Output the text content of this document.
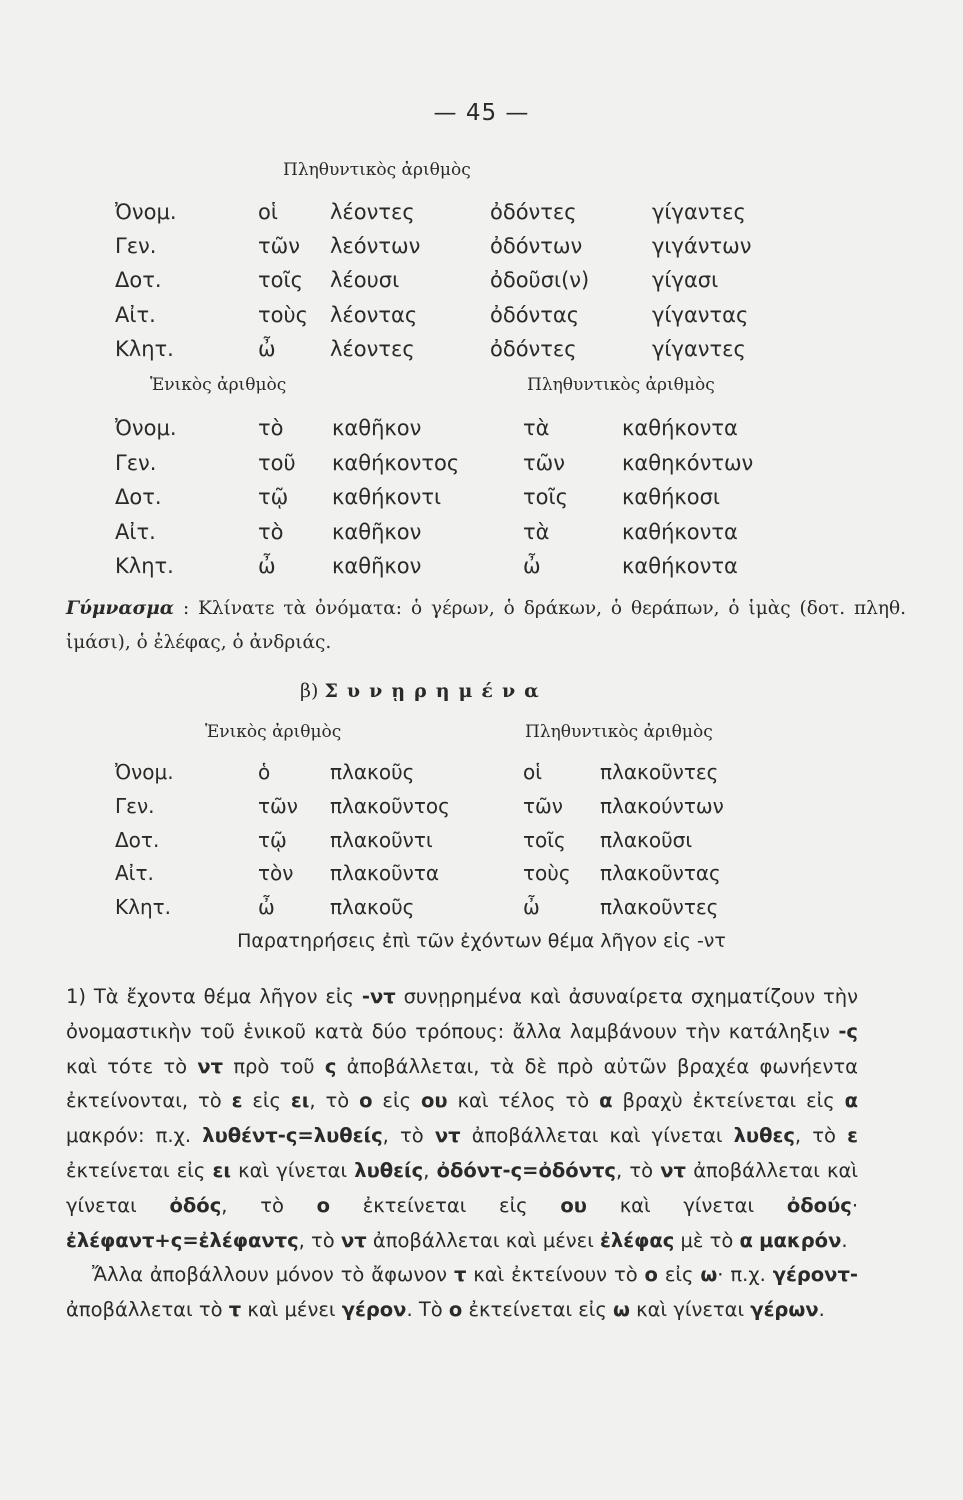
— 45 —
Πληθυντικὸς ἀριθμὸς
Ὀνομ.	οἱ λέοντες	ὀδόντες	γίγαντες
Γεν.	τῶν λεόντων	ὀδόντων	γιγάντων
Δοτ.	τοῖς λέουσι	ὀδοῦσι(ν)	γίγασι
Αἰτ.	τοὺς λέοντας	ὀδόντας	γίγαντας
Κλητ.	ὦ	λέοντες	ὀδόντες	γίγαντες
Ἑνικὸς ἀριθμὸς	Πληθυντικὸς ἀριθμὸς
Ὀνομ.	τὸ καθῆκον	τὰ	καθήκοντα
Γεν.	τοῦ καθήκοντος	τῶν	καθηκόντων
Δοτ.	τῷ καθήκοντι	τοῖς	καθήκοσι
Αἰτ.	τὸ καθῆκον	τὰ	καθήκοντα
Κλητ.	ὦ	καθῆκον	ὦ	καθήκοντα
Γύμνασμα : Κλίνατε τὰ ὀνόματα: ὁ γέρων, ὁ δράκων, ὁ θεράπων, ὁ ἱμὰς (δοτ. πληθ. ἱμάσι), ὁ ἐλέφας, ὁ ἀνδριάς.
β) Συνῃρημένα
Ἑνικὸς ἀριθμὸς	Πληθυντικὸς ἀριθμὸς
Ὀνομ.	ὁ	πλακοῦς	οἱ	πλακοῦντες
Γεν.	τῶν πλακοῦντος	τῶν πλακούντων
Δοτ.	τῷ πλακοῦντι	τοῖς πλακοῦσι
Αἰτ.	τὸν πλακοῦντα	τοὺς πλακοῦντας
Κλητ.	ὦ	πλακοῦς	ὦ	πλακοῦντες
Παρατηρήσεις ἐπὶ τῶν ἐχόντων θέμα λῆγον εἰς -ντ

1) Τὰ ἔχοντα θέμα λῆγον εἰς -ντ συνῃρημένα καὶ ἀσυναίρετα σχηματίζουν τὴν ὀνομαστικὴν τοῦ ἑνικοῦ κατὰ δύο τρόπους: ἄλλα λαμβάνουν τὴν κατάληξιν -ς καὶ τότε τὸ ντ πρὸ τοῦ ς ἀποβάλλεται, τὰ δὲ πρὸ αὐτῶν βραχέα φωνήεντα ἐκτείνονται, τὸ ε εἰς ει, τὸ ο εἰς ου καὶ τέλος τὸ α βραχὺ ἐκτείνεται εἰς α μακρόν: π.χ. λυθέντ-ς=λυθείς, τὸ ντ ἀποβάλλεται καὶ γίνεται λυθες, τὸ ε ἐκτείνεται εἰς ει καὶ γίνεται λυθείς, ὀδόντ-ς=ὀδόντς, τὸ ντ ἀποβάλλεται καὶ γίνεται ὀδός, τὸ ο ἐκτείνεται εἰς ου καὶ γίνεται ὀδούς· ἐλέφαντ+ς=ἐλέφαντς, τὸ ντ ἀποβάλλεται καὶ μένει ἐλέφας μὲ τὸ α μακρόν.

Ἄλλα ἀποβάλλουν μόνον τὸ ἄφωνον τ καὶ ἐκτείνουν τὸ ο εἰς ω· π.χ. γέροντ- ἀποβάλλεται τὸ τ καὶ μένει γέρον. Τὸ ο ἐκτείνεται εἰς ω καὶ γίνεται γέρων.
